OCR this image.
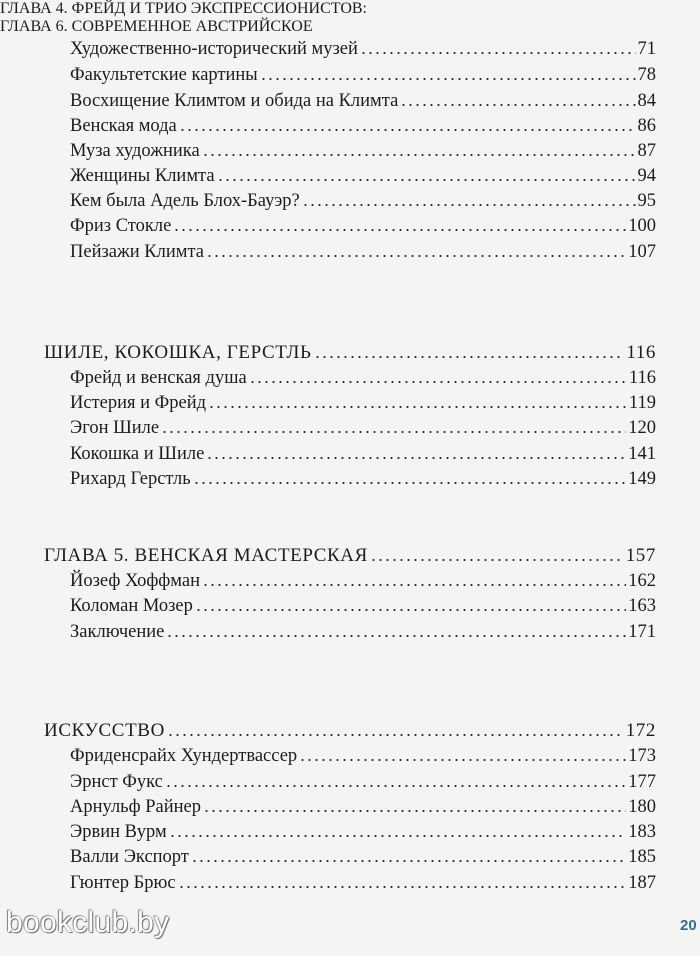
Художественно-исторический музей	71
Факультетские картины	78
Восхищение Климтом и обида на Климта	84
Венская мода	86
Муза художника	87
Женщины Климта	94
Кем была Адель Блох-Бауэр?	95
Фриз Стокле	100
Пейзажи Климта	107
ГЛАВА 4. ФРЕЙД И ТРИО ЭКСПРЕССИОНИСТОВ:
ШИЛЕ, КОКОШКА, ГЕРСТЛЬ	116
Фрейд и венская душа	116
Истерия и Фрейд	119
Эгон Шиле	120
Кокошка и Шиле	141
Рихард Герстль	149
ГЛАВА 5. ВЕНСКАЯ МАСТЕРСКАЯ	157
Йозеф Хоффман	162
Коломан Мозер	163
Заключение	171
ГЛАВА 6. СОВРЕМЕННОЕ АВСТРИЙСКОЕ
ИСКУССТВО	172
Фриденсрайх Хундертвассер	173
Эрнст Фукс	177
Арнульф Райнер	180
Эрвин Вурм	183
Валли Экспорт	185
Гюнтер Брюс	187
bookclub.by	20
